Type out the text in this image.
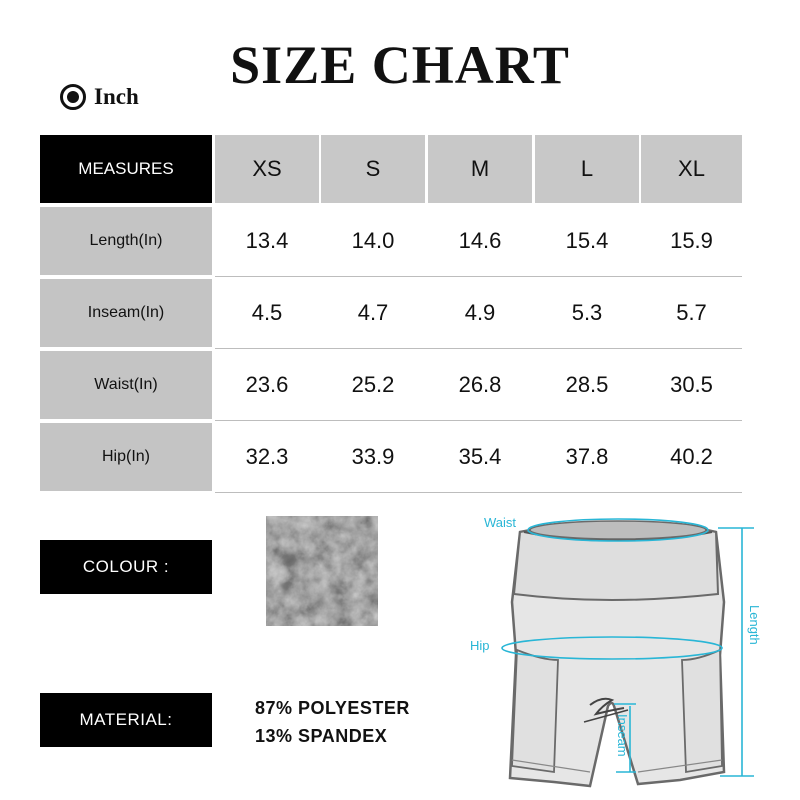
SIZE CHART
Inch
MEASURES	XS	S	M	L	XL
Length(In)	13.4	14.0	14.6	15.4	15.9
Inseam(In)	4.5	4.7	4.9	5.3	5.7
Waist(In)	23.6	25.2	26.8	28.5	30.5
Hip(In)	32.3	33.9	35.4	37.8	40.2
COLOUR :
MATERIAL:
87% POLYESTER
13% SPANDEX
Waist
Hip
Length
Inseam
